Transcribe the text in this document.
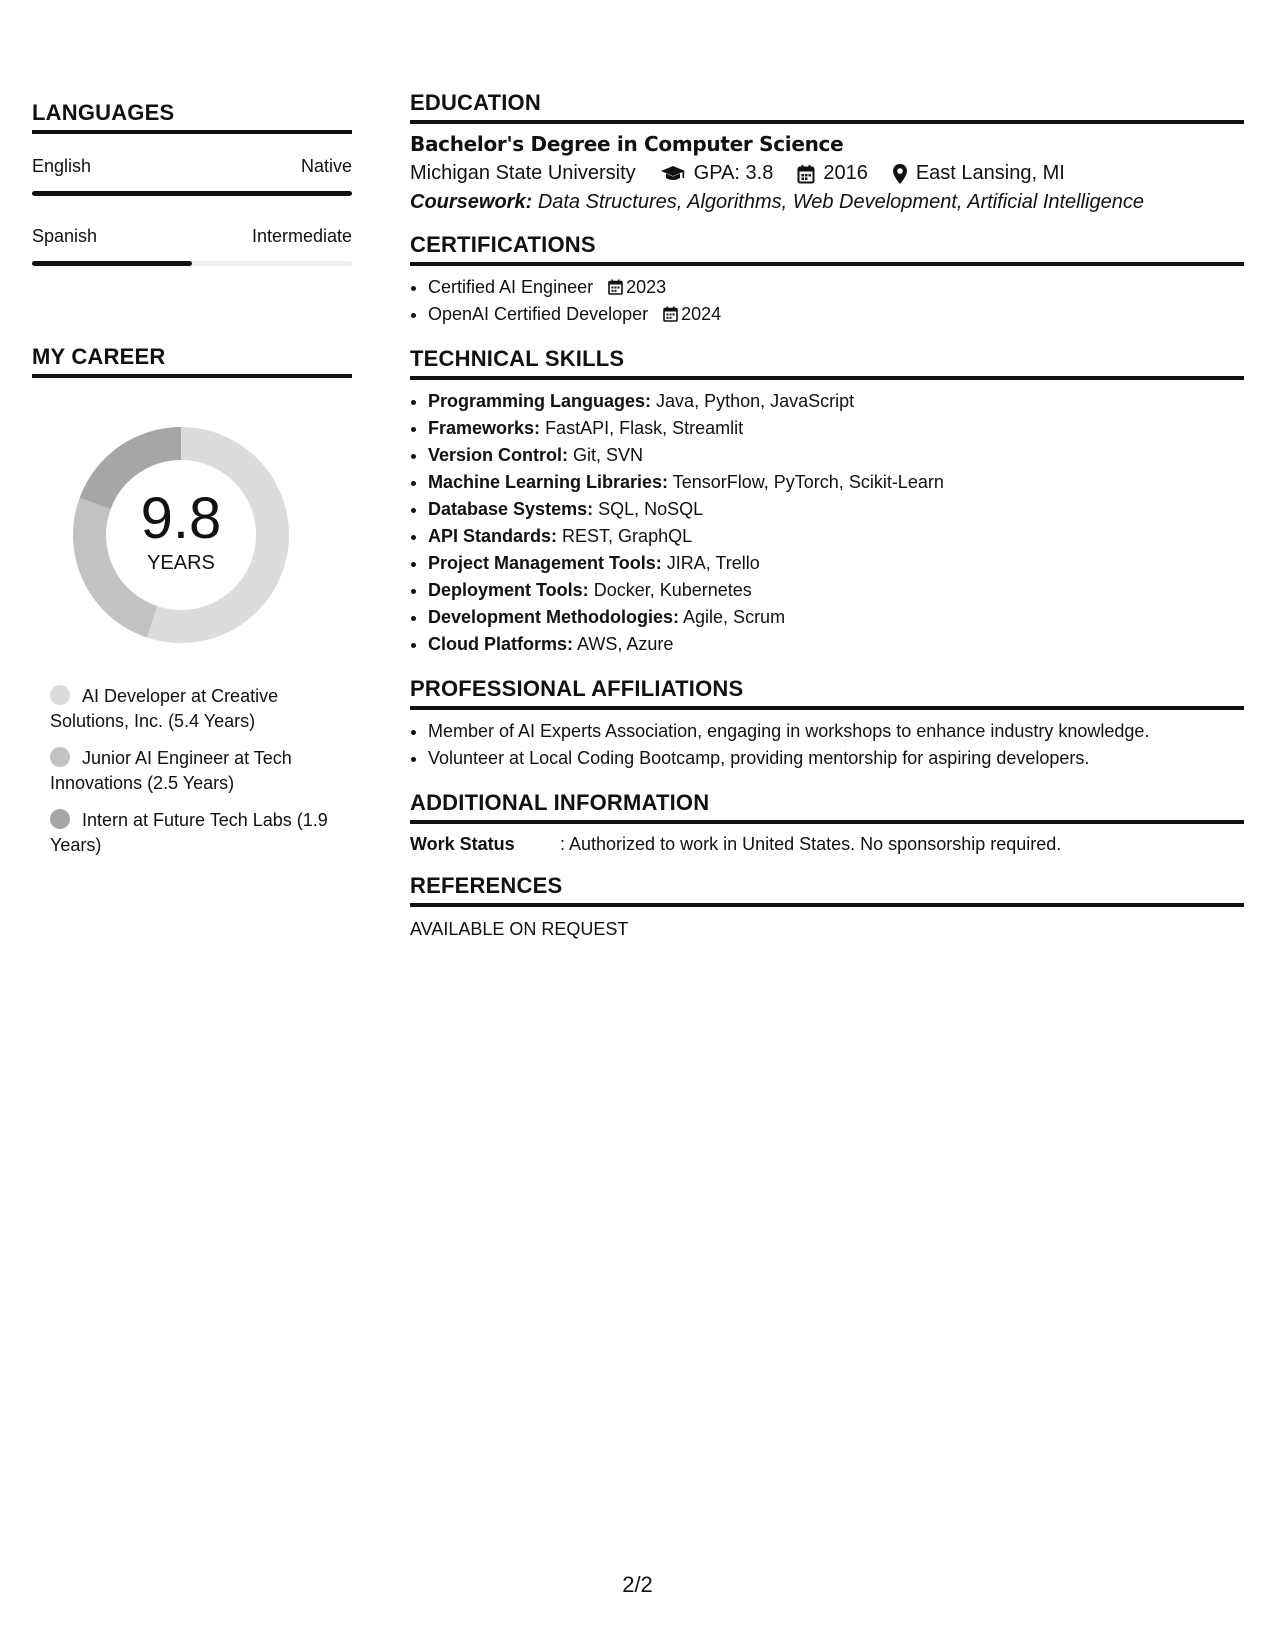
LANGUAGES
English	Native
Spanish	Intermediate
MY CAREER
9.8
YEARS
AI Developer at Creative Solutions, Inc. (5.4 Years)
Junior AI Engineer at Tech Innovations (2.5 Years)
Intern at Future Tech Labs (1.9 Years)
EDUCATION
Bachelor's Degree in Computer Science
Michigan State University	GPA: 3.8	2016 East Lansing, MI
Coursework: Data Structures, Algorithms, Web Development, Artificial Intelligence
CERTIFICATIONS
• Certified AI Engineer 2023
• OpenAI Certified Developer 2024
TECHNICAL SKILLS
• Programming Languages: Java, Python, JavaScript
• Frameworks: FastAPI, Flask, Streamlit
• Version Control: Git, SVN
• Machine Learning Libraries: TensorFlow, PyTorch, Scikit-Learn
• Database Systems: SQL, NoSQL
• API Standards: REST, GraphQL
• Project Management Tools: JIRA, Trello
• Deployment Tools: Docker, Kubernetes
• Development Methodologies: Agile, Scrum
• Cloud Platforms: AWS, Azure
PROFESSIONAL AFFILIATIONS
• Member of AI Experts Association, engaging in workshops to enhance industry knowledge.
• Volunteer at Local Coding Bootcamp, providing mentorship for aspiring developers.
ADDITIONAL INFORMATION
Work Status	: Authorized to work in United States. No sponsorship required.
REFERENCES
AVAILABLE ON REQUEST
2/2
